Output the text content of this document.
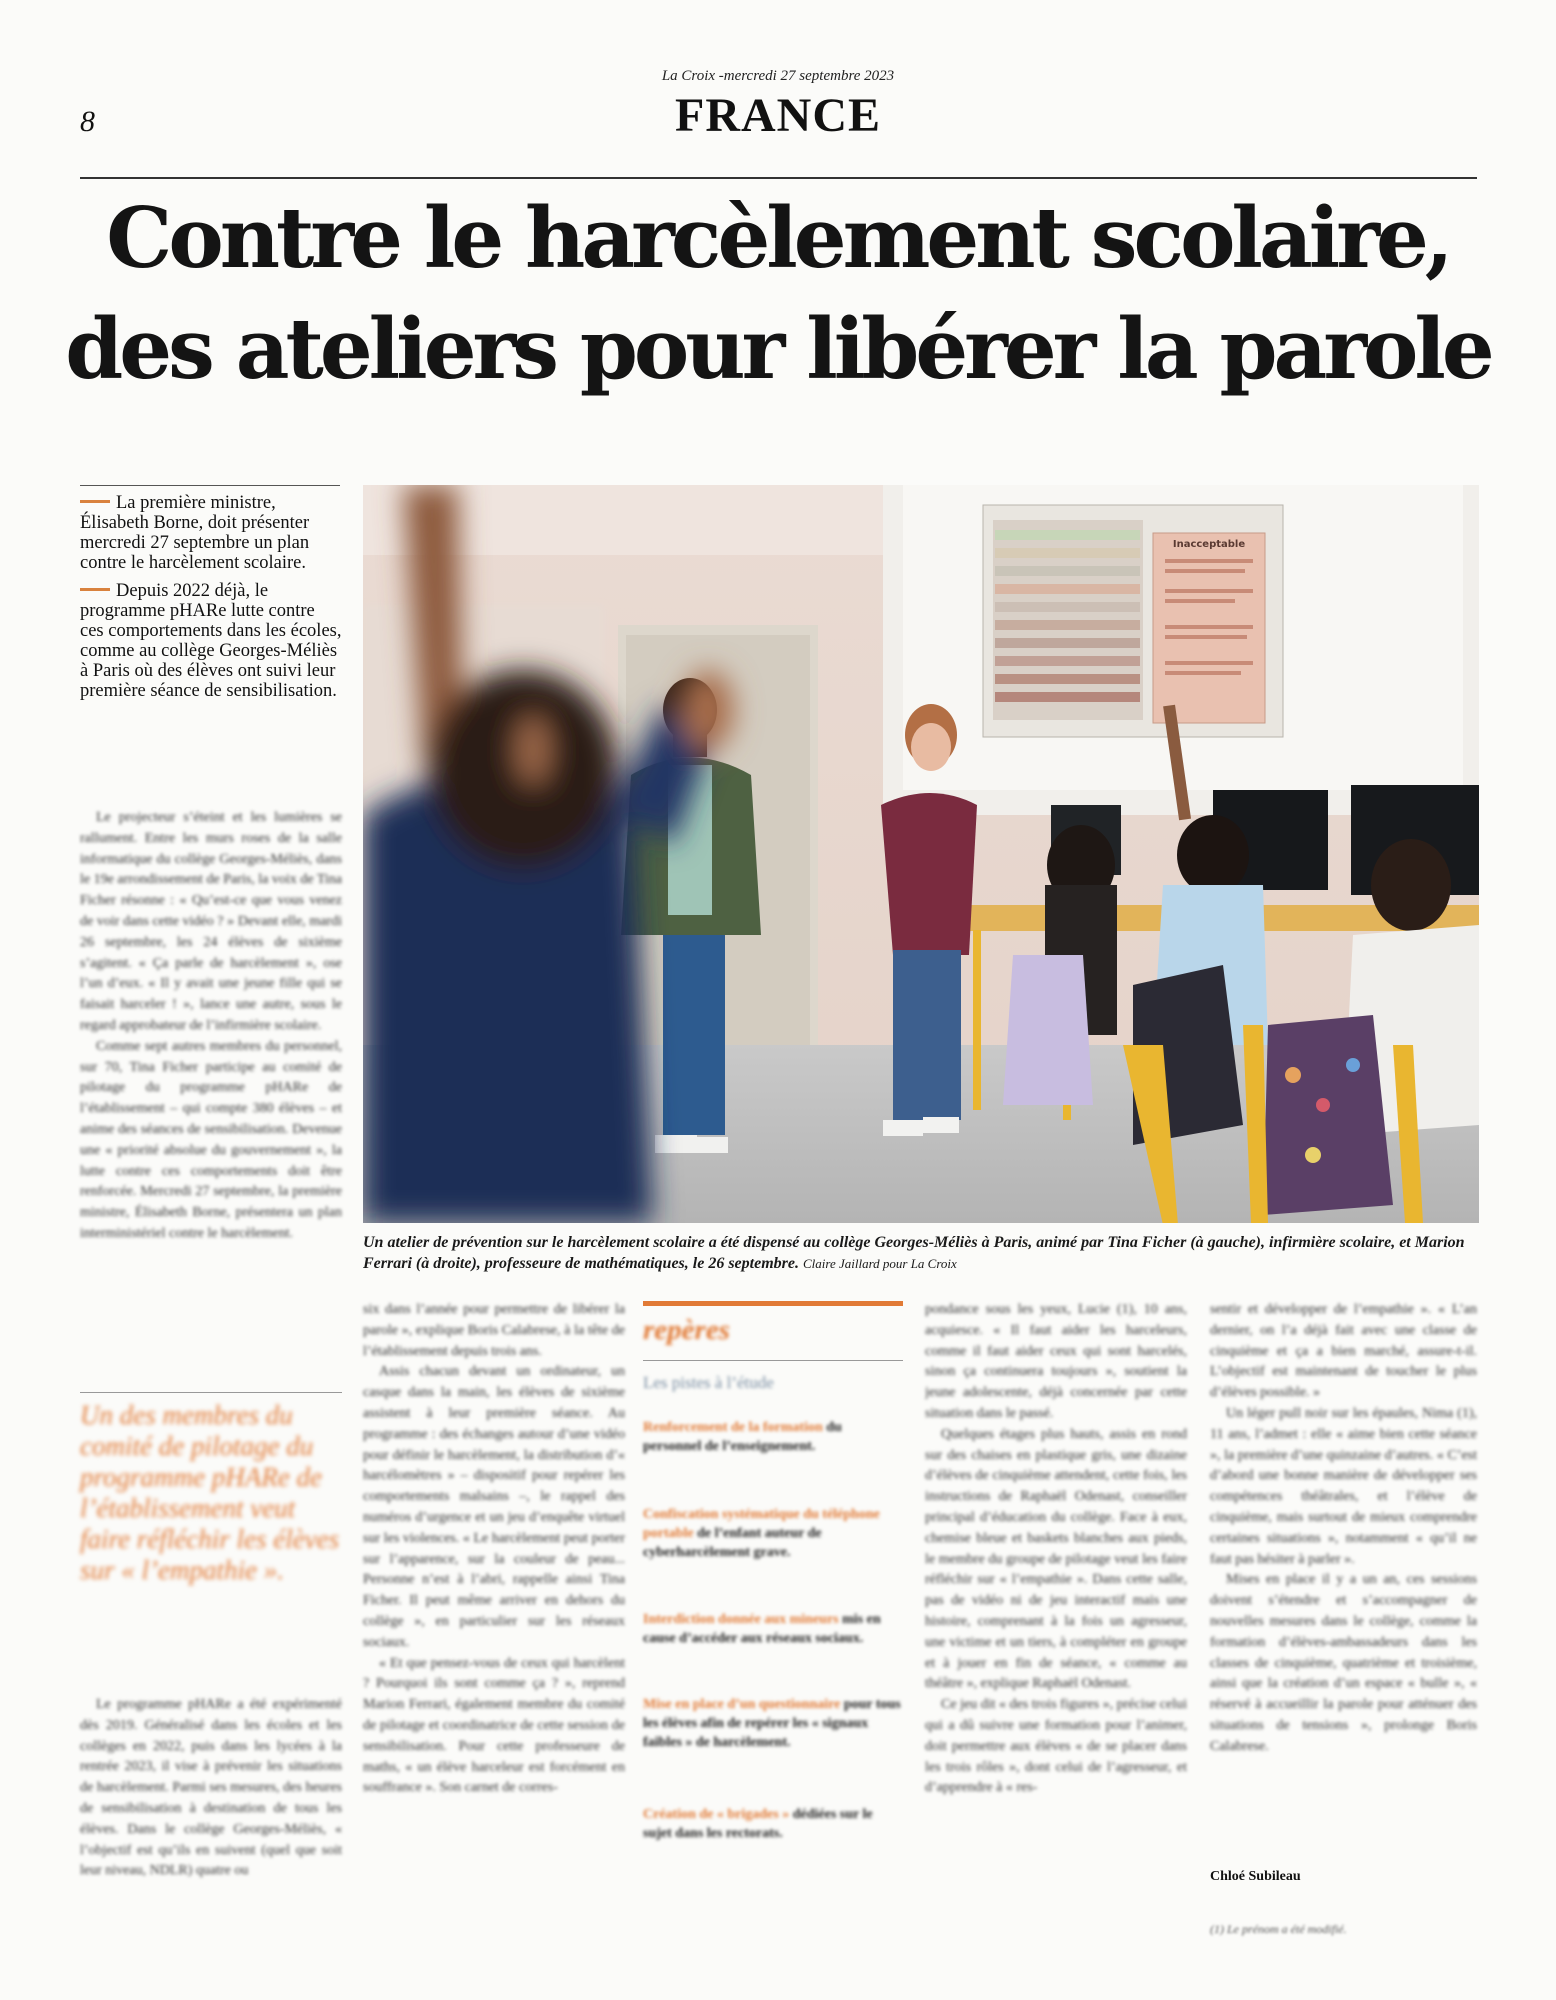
La Croix -mercredi 27 septembre 2023
FRANCE
8
Contre le harcèlement scolaire,
des ateliers pour libérer la parole

La première ministre, Élisabeth Borne, doit présenter mercredi 27 septembre un plan contre le harcèlement scolaire.

Depuis 2022 déjà, le programme pHARe lutte contre ces comportements dans les écoles, comme au collège Georges-Méliès à Paris où des élèves ont suivi leur première séance de sensibilisation.

Le projecteur s’éteint et les lumières se rallument. Entre les murs roses de la salle informatique du collège Georges-Méliès, dans le 19e arrondissement de Paris, la voix de Tina Ficher résonne : « Qu’est-ce que vous venez de voir dans cette vidéo ? » Devant elle, mardi 26 septembre, les 24 élèves de sixième s’agitent. « Ça parle de harcèlement », ose l’un d’eux. « Il y avait une jeune fille qui se faisait harceler ! », lance une autre, sous le regard approbateur de l’infirmière scolaire.

Comme sept autres membres du personnel, sur 70, Tina Ficher participe au comité de pilotage du programme pHARe de l’établissement – qui compte 380 élèves – et anime des séances de sensibilisation. Devenue une « priorité absolue du gouvernement », la lutte contre ces comportements doit être renforcée. Mercredi 27 septembre, la première ministre, Élisabeth Borne, présentera un plan interministériel contre le harcèlement.

Un des membres du comité de pilotage du programme pHARe de l’établissement veut faire réfléchir les élèves sur « l’empathie ».

Le programme pHARe a été expérimenté dès 2019. Généralisé dans les écoles et les collèges en 2022, puis dans les lycées à la rentrée 2023, il vise à prévenir les situations de harcèlement. Parmi ses mesures, des heures de sensibilisation à destination de tous les élèves. Dans le collège Georges-Méliès, « l’objectif est qu’ils en suivent (quel que soit leur niveau, NDLR) quatre ou

Inacceptable
Un atelier de prévention sur le harcèlement scolaire a été dispensé au collège Georges-Méliès à Paris, animé par Tina Ficher (à gauche), infirmière scolaire, et Marion Ferrari (à droite), professeure de mathématiques, le 26 septembre. Claire Jaillard pour La Croix

six dans l’année pour permettre de libérer la parole », explique Boris Calabrese, à la tête de l’établissement depuis trois ans.

Assis chacun devant un ordinateur, un casque dans la main, les élèves de sixième assistent à leur première séance. Au programme : des échanges autour d’une vidéo pour définir le harcèlement, la distribution d’« harcélomètres » – dispositif pour repérer les comportements malsains –, le rappel des numéros d’urgence et un jeu d’enquête virtuel sur les violences. « Le harcèlement peut porter sur l’apparence, sur la couleur de peau... Personne n’est à l’abri, rappelle ainsi Tina Ficher. Il peut même arriver en dehors du collège », en particulier sur les réseaux sociaux.

« Et que pensez-vous de ceux qui harcèlent ? Pourquoi ils sont comme ça ? », reprend Marion Ferrari, également membre du comité de pilotage et coordinatrice de cette session de sensibilisation. Pour cette professeure de maths, « un élève harceleur est forcément en souffrance ». Son carnet de corres-

repères
Les pistes à l’étude
Renforcement de la formation du personnel de l’enseignement.
Confiscation systématique du téléphone portable de l’enfant auteur de cyberharcèlement grave.
Interdiction donnée aux mineurs mis en cause d’accéder aux réseaux sociaux.
Mise en place d’un questionnaire pour tous les élèves afin de repérer les « signaux faibles » de harcèlement.
Création de « brigades » dédiées sur le sujet dans les rectorats.

pondance sous les yeux, Lucie (1), 10 ans, acquiesce. « Il faut aider les harceleurs, comme il faut aider ceux qui sont harcelés, sinon ça continuera toujours », soutient la jeune adolescente, déjà concernée par cette situation dans le passé.

Quelques étages plus hauts, assis en rond sur des chaises en plastique gris, une dizaine d’élèves de cinquième attendent, cette fois, les instructions de Raphaël Odenast, conseiller principal d’éducation du collège. Face à eux, chemise bleue et baskets blanches aux pieds, le membre du groupe de pilotage veut les faire réfléchir sur « l’empathie ». Dans cette salle, pas de vidéo ni de jeu interactif mais une histoire, comprenant à la fois un agresseur, une victime et un tiers, à compléter en groupe et à jouer en fin de séance, « comme au théâtre », explique Raphaël Odenast.

Ce jeu dit « des trois figures », précise celui qui a dû suivre une formation pour l’animer, doit permettre aux élèves « de se placer dans les trois rôles », dont celui de l’agresseur, et d’apprendre à « res-

sentir et développer de l’empathie ». « L’an dernier, on l’a déjà fait avec une classe de cinquième et ça a bien marché, assure-t-il. L’objectif est maintenant de toucher le plus d’élèves possible. »

Un léger pull noir sur les épaules, Nima (1), 11 ans, l’admet : elle « aime bien cette séance », la première d’une quinzaine d’autres. « C’est d’abord une bonne manière de développer ses compétences théâtrales, et l’élève de cinquième, mais surtout de mieux comprendre certaines situations », notamment « qu’il ne faut pas hésiter à parler ».

Mises en place il y a un an, ces sessions doivent s’étendre et s’accompagner de nouvelles mesures dans le collège, comme la formation d’élèves-ambassadeurs dans les classes de cinquième, quatrième et troisième, ainsi que la création d’un espace « bulle », « réservé à accueillir la parole pour atténuer des situations de tensions », prolonge Boris Calabrese.

Chloé Subileau
(1) Le prénom a été modifié.
